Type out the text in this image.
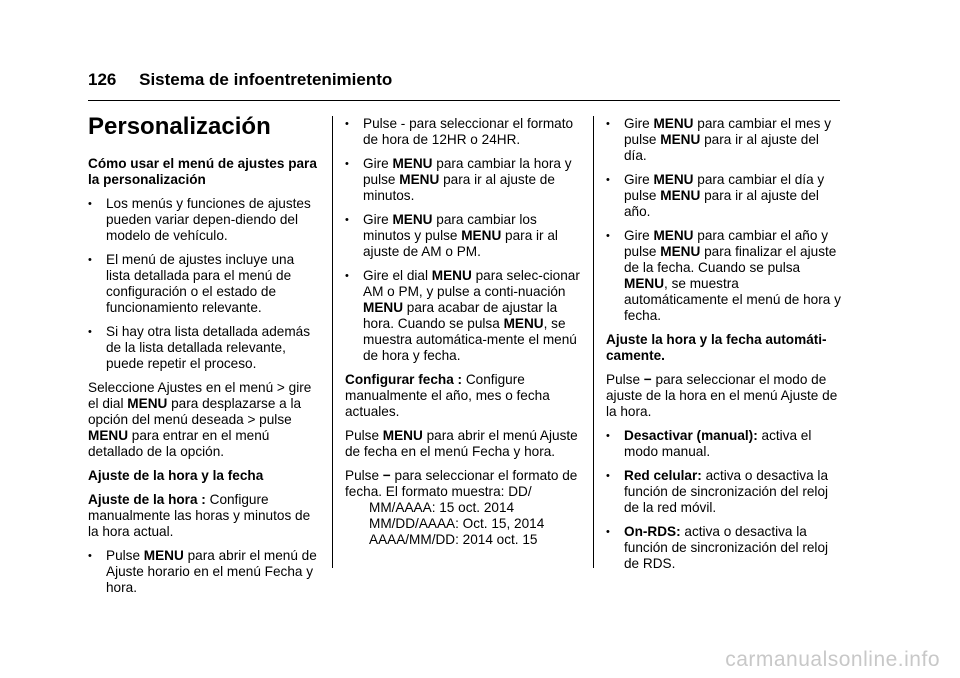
126 Sistema de infoentretenimiento
Personalización
Cómo usar el menú de ajustes para la personalización
• Los menús y funciones de ajustes pueden variar depen-diendo del modelo de vehículo.
• El menú de ajustes incluye una lista detallada para el menú de configuración o el estado de funcionamiento relevante.
• Si hay otra lista detallada además de la lista detallada relevante, puede repetir el proceso.

Seleccione Ajustes en el menú > gire el dial MENU para desplazarse a la opción del menú deseada > pulse MENU para entrar en el menú detallado de la opción.

Ajuste de la hora y la fecha

Ajuste de la hora : Configure manualmente las horas y minutos de la hora actual.

• Pulse MENU para abrir el menú de Ajuste horario en el menú Fecha y hora.
• Pulse - para seleccionar el formato de hora de 12HR o 24HR.
• Gire MENU para cambiar la hora y pulse MENU para ir al ajuste de minutos.
• Gire MENU para cambiar los minutos y pulse MENU para ir al ajuste de AM o PM.
• Gire el dial MENU para selec-cionar AM o PM, y pulse a conti-nuación MENU para acabar de ajustar la hora. Cuando se pulsa MENU, se muestra automática-mente el menú de hora y fecha.

Configurar fecha : Configure manualmente el año, mes o fecha actuales.

Pulse MENU para abrir el menú Ajuste de fecha en el menú Fecha y hora.

Pulse − para seleccionar el formato de fecha. El formato muestra: DD/

MM/AAAA: 15 oct. 2014
MM/DD/AAAA: Oct. 15, 2014
AAAA/MM/DD: 2014 oct. 15
• Gire MENU para cambiar el mes y pulse MENU para ir al ajuste del día.
• Gire MENU para cambiar el día y pulse MENU para ir al ajuste del año.
• Gire MENU para cambiar el año y pulse MENU para finalizar el ajuste de la fecha. Cuando se pulsa MENU, se muestra automáticamente el menú de hora y fecha.
Ajuste la hora y la fecha automáti-camente.

Pulse − para seleccionar el modo de ajuste de la hora en el menú Ajuste de la hora.

• Desactivar (manual): activa el modo manual.
• Red celular: activa o desactiva la función de sincronización del reloj de la red móvil.
• On-RDS: activa o desactiva la función de sincronización del reloj de RDS.
carmanualsonline.info
